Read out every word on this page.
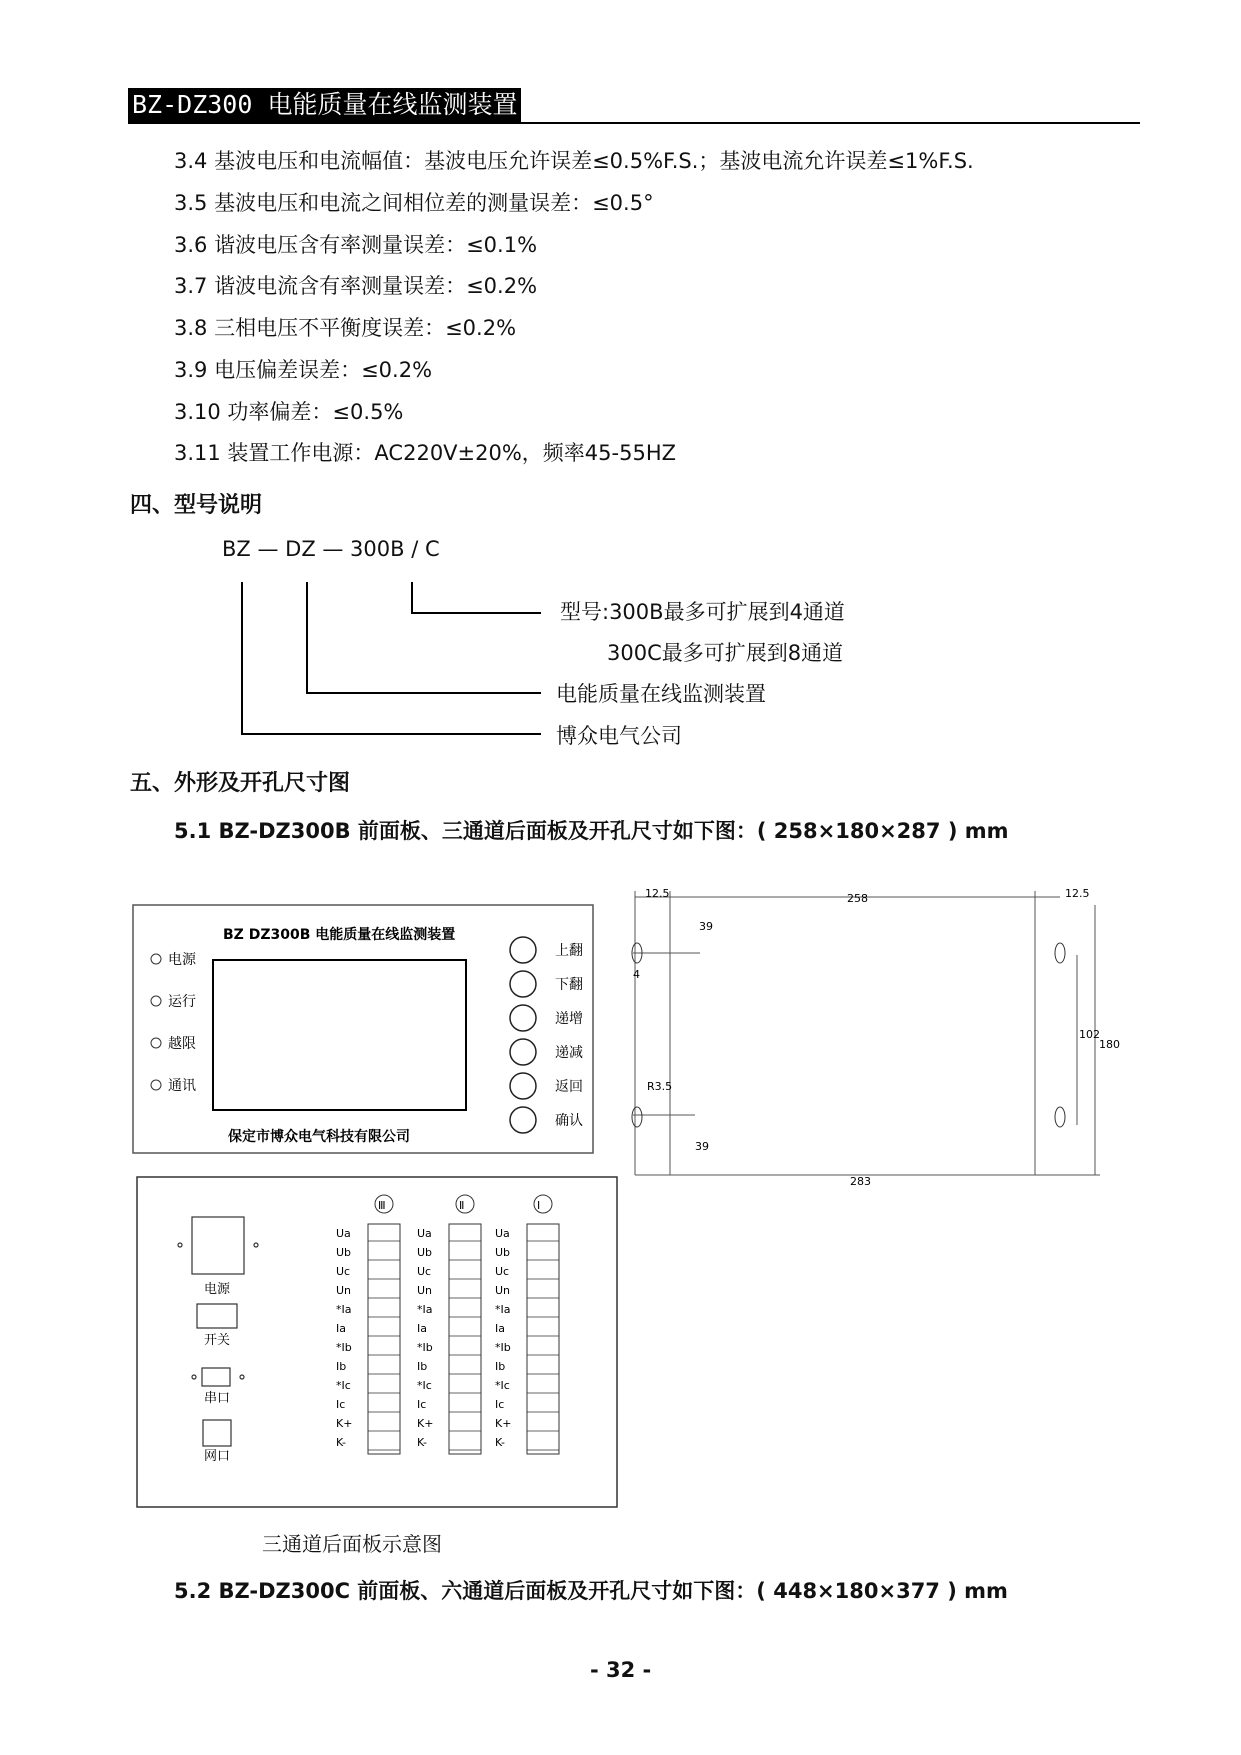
BZ-DZ300 电能质量在线监测装置
3.4 基波电压和电流幅值：基波电压允许误差≤0.5%F.S.；基波电流允许误差≤1%F.S.
3.5 基波电压和电流之间相位差的测量误差：≤0.5°
3.6 谐波电压含有率测量误差：≤0.1%
3.7 谐波电流含有率测量误差：≤0.2%
3.8 三相电压不平衡度误差：≤0.2%
3.9 电压偏差误差：≤0.2%
3.10 功率偏差：≤0.5%
3.11 装置工作电源：AC220V±20%，频率45-55HZ
四、型号说明
BZ — DZ — 300B / C
型号:300B最多可扩展到4通道
300C最多可扩展到8通道
电能质量在线监测装置
博众电气公司
五、外形及开孔尺寸图
5.1 BZ-DZ300B 前面板、三通道后面板及开孔尺寸如下图：( 258×180×287 ) mm
BZ DZ300B 电能质量在线监测装置
电源
运行
越限
通讯
上翻
下翻
递增
递减
返回
确认
保定市博众电气科技有限公司
12.5	258	12.5
39
4
102
180
R3.5
39
283
电源
开关
串口
网口
Ⅲ
Ua
Ub
Uc
Un
*Ia
Ia
*Ib
Ib
*Ic
Ic
K+
K-
Ⅱ
Ua
Ub
Uc
Un
*Ia
Ia
*Ib
Ib
*Ic
Ic
K+
K-
Ⅰ
Ua
Ub
Uc
Un
*Ia
Ia
*Ib
Ib
*Ic
Ic
K+
K-
三通道后面板示意图
5.2 BZ-DZ300C 前面板、六通道后面板及开孔尺寸如下图：( 448×180×377 ) mm
- 32 -
